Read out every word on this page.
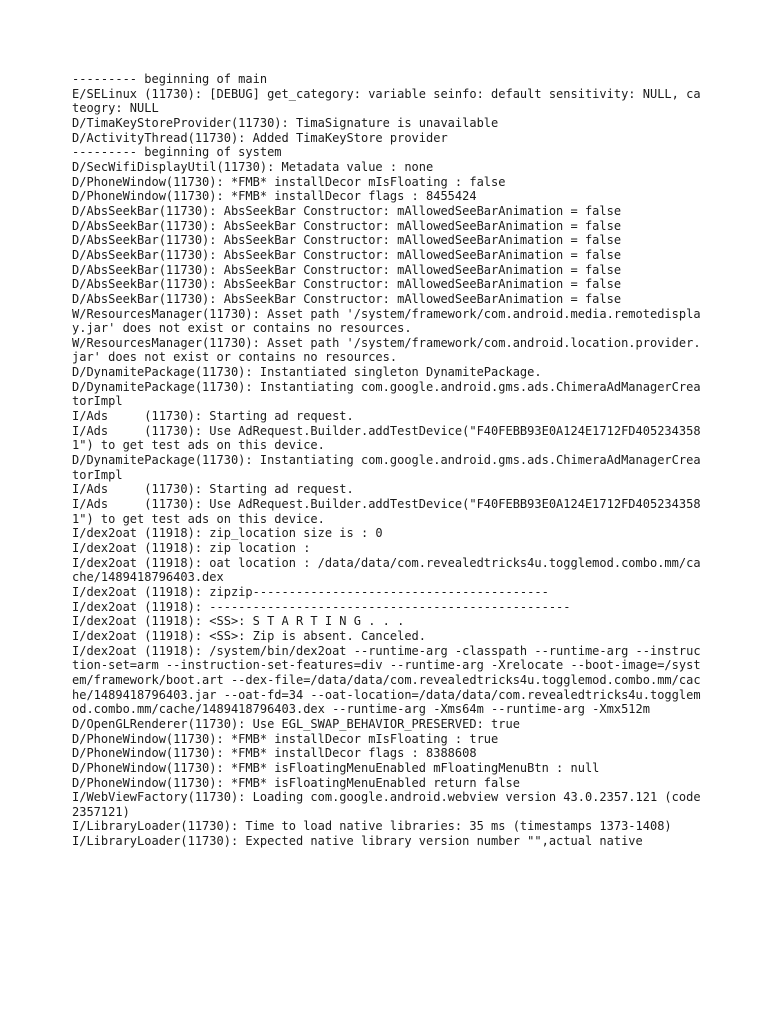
--------- beginning of main
E/SELinux (11730): [DEBUG] get_category: variable seinfo: default sensitivity: NULL, cateogry: NULL
D/TimaKeyStoreProvider(11730): TimaSignature is unavailable
D/ActivityThread(11730): Added TimaKeyStore provider
--------- beginning of system
D/SecWifiDisplayUtil(11730): Metadata value : none
D/PhoneWindow(11730): *FMB* installDecor mIsFloating : false
D/PhoneWindow(11730): *FMB* installDecor flags : 8455424
D/AbsSeekBar(11730): AbsSeekBar Constructor: mAllowedSeeBarAnimation = false
D/AbsSeekBar(11730): AbsSeekBar Constructor: mAllowedSeeBarAnimation = false
D/AbsSeekBar(11730): AbsSeekBar Constructor: mAllowedSeeBarAnimation = false
D/AbsSeekBar(11730): AbsSeekBar Constructor: mAllowedSeeBarAnimation = false
D/AbsSeekBar(11730): AbsSeekBar Constructor: mAllowedSeeBarAnimation = false
D/AbsSeekBar(11730): AbsSeekBar Constructor: mAllowedSeeBarAnimation = false
D/AbsSeekBar(11730): AbsSeekBar Constructor: mAllowedSeeBarAnimation = false
W/ResourcesManager(11730): Asset path '/system/framework/com.android.media.remotedisplay.jar' does not exist or contains no resources.
W/ResourcesManager(11730): Asset path '/system/framework/com.android.location.provider.jar' does not exist or contains no resources.
D/DynamitePackage(11730): Instantiated singleton DynamitePackage.
D/DynamitePackage(11730): Instantiating com.google.android.gms.ads.ChimeraAdManagerCreatorImpl
I/Ads     (11730): Starting ad request.
I/Ads     (11730): Use AdRequest.Builder.addTestDevice("F40FEBB93E0A124E1712FD4052343581") to get test ads on this device.
D/DynamitePackage(11730): Instantiating com.google.android.gms.ads.ChimeraAdManagerCreatorImpl
I/Ads     (11730): Starting ad request.
I/Ads     (11730): Use AdRequest.Builder.addTestDevice("F40FEBB93E0A124E1712FD4052343581") to get test ads on this device.
I/dex2oat (11918): zip_location size is : 0
I/dex2oat (11918): zip location :
I/dex2oat (11918): oat location : /data/data/com.revealedtricks4u.togglemod.combo.mm/cache/1489418796403.dex
I/dex2oat (11918): zipzip-----------------------------------------
I/dex2oat (11918): --------------------------------------------------
I/dex2oat (11918): <SS>: S T A R T I N G . . .
I/dex2oat (11918): <SS>: Zip is absent. Canceled.
I/dex2oat (11918): /system/bin/dex2oat --runtime-arg -classpath --runtime-arg --instruction-set=arm --instruction-set-features=div --runtime-arg -Xrelocate --boot-image=/system/framework/boot.art --dex-file=/data/data/com.revealedtricks4u.togglemod.combo.mm/cache/1489418796403.jar --oat-fd=34 --oat-location=/data/data/com.revealedtricks4u.togglemod.combo.mm/cache/1489418796403.dex --runtime-arg -Xms64m --runtime-arg -Xmx512m
D/OpenGLRenderer(11730): Use EGL_SWAP_BEHAVIOR_PRESERVED: true
D/PhoneWindow(11730): *FMB* installDecor mIsFloating : true
D/PhoneWindow(11730): *FMB* installDecor flags : 8388608
D/PhoneWindow(11730): *FMB* isFloatingMenuEnabled mFloatingMenuBtn : null
D/PhoneWindow(11730): *FMB* isFloatingMenuEnabled return false
I/WebViewFactory(11730): Loading com.google.android.webview version 43.0.2357.121 (code 2357121)
I/LibraryLoader(11730): Time to load native libraries: 35 ms (timestamps 1373-1408)
I/LibraryLoader(11730): Expected native library version number "",actual native
